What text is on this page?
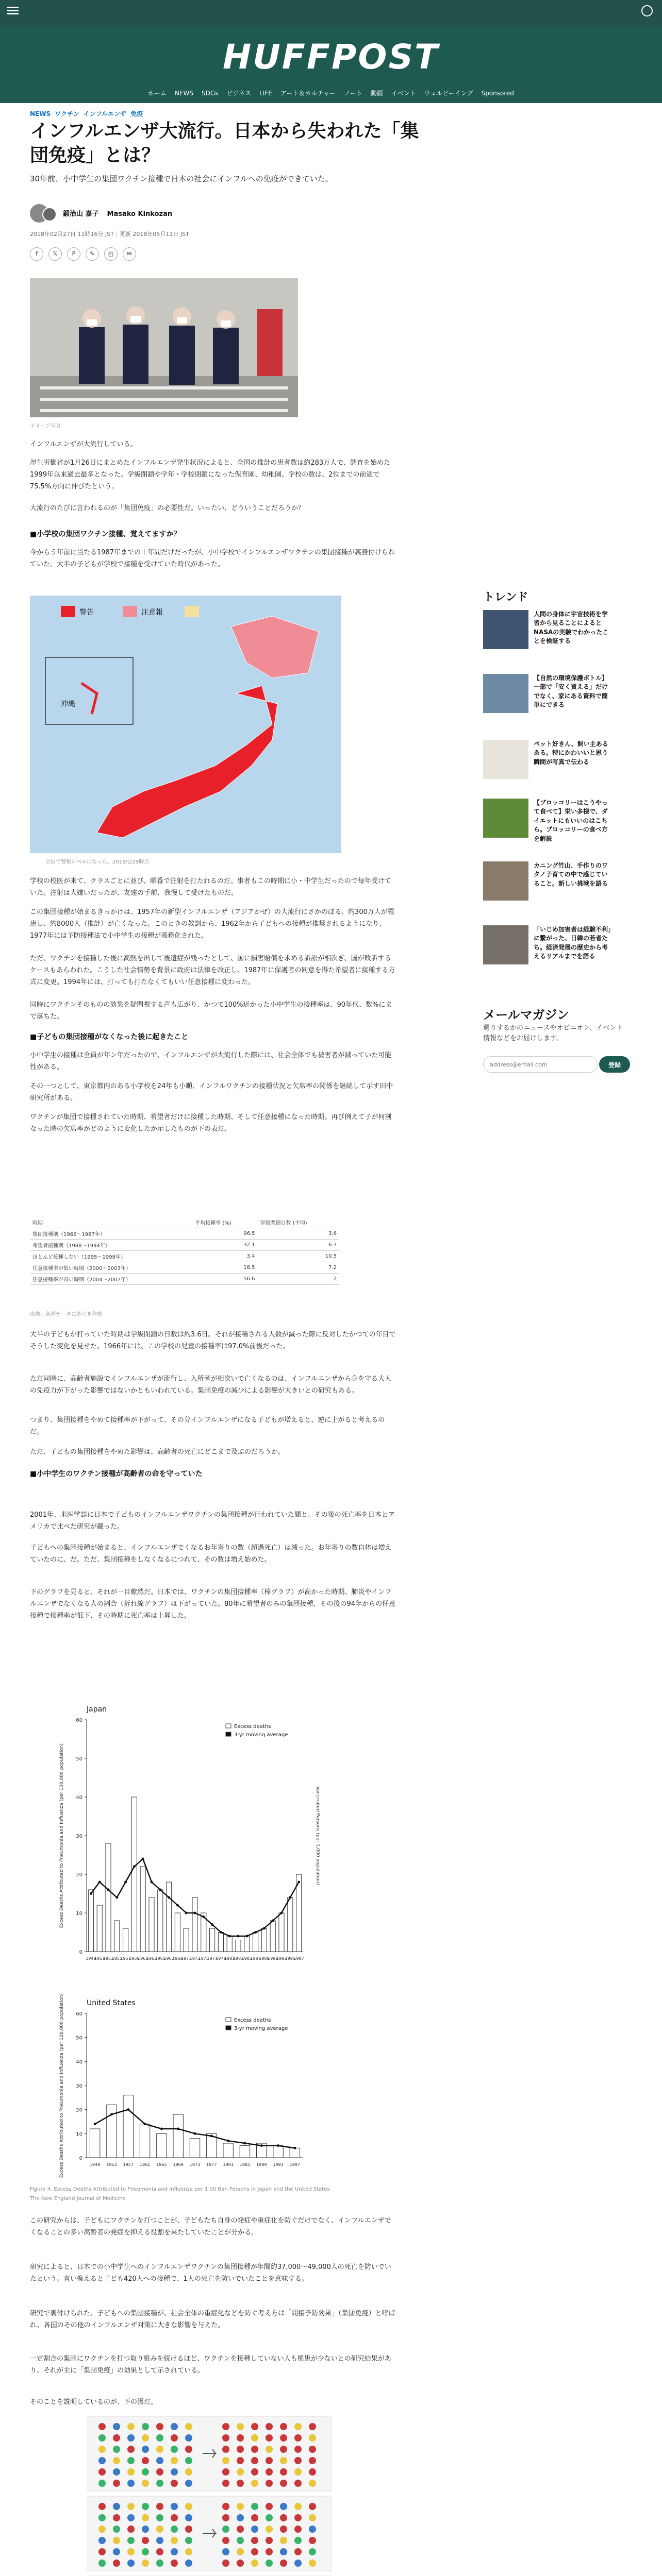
HUFFPOST
ホーム NEWS SDGs ビジネス LIFE アート＆カルチャー ノート 動画 イベント ウェルビーイング Sponsored
NEWS ワクチン インフルエンザ 免疫
インフルエンザ大流行。日本から失われた「集団免疫」とは？

30年前、小中学生の集団ワクチン接種で日本の社会にインフルへの免疫ができていた。

鍛治山 嘉子 Masako Kinkozan
2018年02月27日 11時16分 JST｜更新 2018年05月11日 JST
f	𝕏	P	✎ ◰ ✉
イメージ写真

インフルエンザが大流行している。

厚生労働省が1月26日にまとめたインフルエンザ発生状況によると、全国の推計の患者数は約283万人で、調査を始めた1999年以来過去最多となった。学級閉鎖や学年・学校閉鎖になった保育園、幼稚園、学校の数は、2位までの前週で75.5%方向に伸びたという。

大流行のたびに言われるのが「集団免疫」の必要性だ。いったい、どういうことだろうか？

■小学校の集団ワクチン接種、覚えてますか？

今からう年前に当たる1987年までの十年間だけだったが、小中学校でインフルエンザワクチンの集団接種が義務付けられていた。大半の子どもが学校で接種を受けていた時代があった。

警告	注意報
沖縄
全国で警報レベルになった。2018/1/29時点

学校の校医が来て、クラスごとに並び、順番で注射を打たれるのだ。事者もこの時期に小・中学生だったので毎年受けていた。注射は大嫌いだったが、友達の手前、我慢して受けたものだ。

この集団接種が始まるきっかけは、1957年の新型インフルエンザ（アジアかぜ）の大流行にさかのぼる。約300万人が罹患し、約8000人（推計）が亡くなった。このときの教訓から、1962年から子どもへの接種が推奨されるようになり、1977年には予防接種法で小中学生の接種が義務化された。

ただ、ワクチンを接種した後に高熱を出して後遺症が残ったとして、国に損害賠償を求める訴訟が相次ぎ、国が敗訴するケースもあらわれた。こうした社会情勢を背景に政府は法律を改正し、1987年に保護者の同意を得た希望者に接種する方式に変更。1994年には、打っても打たなくてもいい任意接種に変わった。

同時にワクチンそのものの効果を疑問視する声も広がり、かつて100%近かった小中学生の接種率は、90年代、数%にまで落ちた。

■子どもの集団接種がなくなった後に起きたこと

小中学生の接種は全員が年ン年だったので、インフルエンザが大流行した際には、社会全体でも被害者が減っていた可能性がある。

その一つとして、東京都内のある小学校を24年も小順、インフルワクチンの接種状況と欠席率の関係を継続して示す田中研究所がある。

ワクチンが集団で接種されていた時期、希望者だけに接種した時期、そして任意接種になった時期。再び例えて子が何割なった時の欠席率がどのように変化したか示したものが下の表だ。

時期	平均接種率 (%)	学級閉鎖日数 (平均)
集団接種期（1966〜1987年）	96.5	3.6
希望者接種期（1988〜1994年）	32.1	6.3
ほとんど接種しない（1995〜1999年）	3.4	10.5
任意接種率が低い時期（2000〜2003年）	18.5	7.2
任意接種率が高い時期（2004〜2007年）	56.6	2
出典：各種データに基づき作成

大半の子どもが打っていた時期は学級閉鎖の日数は約3.6日。それが接種される人数が減った際に反対したかつての年目でそうした変化を見せた。1966年には、この学校の児童の接種率は97.0%前後だった。

ただ同時に、高齢者施設でインフルエンザが流行し、入所者が相次いで亡くなるのは、インフルエンザから身を守る大人の免疫力が下がった影響ではないかともいわれている。集団免疫の減少による影響が大きいとの研究もある。

つまり、集団接種をやめて接種率が下がって、その分インフルエンザになる子どもが増えると、逆に上がると考えるのだ。

ただ、子どもの集団接種をやめた影響は、高齢者の死亡にどこまで及ぶのだろうか。

■小中学生のワクチン接種が高齢者の命を守っていた

2001年、米医学誌に日本で子どものインフルエンザワクチンの集団接種が行われていた間と、その後の死亡率を日本とアメリカで比べた研究が載った。

子どもへの集団接種が始まると、インフルエンザでくなるお年寄りの数（超過死亡）は減った。お年寄りの数自体は増えていたのに、だ。ただ、集団接種をしなくなるにつれて、その数は増え始めた。

下のグラフを見ると、それが一目瞭然だ。日本では、ワクチンの集団接種率（棒グラフ）が高かった時期、肺炎やインフルエンザでなくなる人の割合（折れ線グラフ）は下がっていた。80年に希望者のみの集団接種、その後の94年からの任意接種で接種率が低下、その時期に死亡率は上昇した。

Japan
0
10
20
30
40
50
60
1949
1951
1953
1955
1957
1959
1961
1963
1965
1967
1969
1971
1973
1975
1977
1979
1981
1983
1985
1987
1989
1991
1993
1995
1997
Excess deaths
3-yr moving average
Excess Deaths Attributed to Pneumonia and Influenza (per 100,000 population)	Vaccinated Persons (per 1,000 population)
United States
0
10
20
30
40
50
60
1949 1953 1957 1961 1965 1969 1973 1977 1981 1985 1989 1993 1997
Excess deaths
3-yr moving average
Excess Deaths Attributed to Pneumonia and Influenza (per 100,000 population)
Figure 4. Excess Deaths Attributed to Pneumonia and Influenza per 1 00 Ban Persons in Japan and the United States
The New England Journal of Medicine

この研究からは、子どもにワクチンを打つことが、子どもたち自身の発症や重症化を防ぐだけでなく、インフルエンザでくなることの多い高齢者の発症を抑える役割を果たしていたことが分かる。

研究によると、日本での小中学生へのインフルエンザワクチンの集団接種が年間約37,000〜49,000人の死亡を防いでいたという。言い換えると子ども420人への接種で、1人の死亡を防いでいたことを意味する。

研究で裏付けられた、子どもへの集団接種が、社会全体の重症化などを防ぐ考え方は「間接予防効果」（集団免疫）と呼ばれ、各国のその他のインフルエンザ対策に大きな影響を与えた。

一定割合の集団にワクチンを打つ取り組みを続けるほど、ワクチンを接種していない人も罹患が少ないとの研究結果があり、それが主に「集団免疫」の効果として示されている。

そのことを説明しているのが、下の図だ。

トレンド
人間の身体に宇宙技術を学習から見ることによるとNASAの実験でわかったことを検証する
【自然の環境保護ボトル】一部で「安く買える」だけでなく、家にある資料で簡単にできる
ペット好きん、飼い主あるある。特にかわいいと思う瞬間が写真で伝わる
【ブロッコリーはこうやって食べて】栄い多様で、ダイエットにもいいのはこちら。ブロッコリーの食べ方を解説
カニング竹山、手作りのワタノ子育ての中で感じていること。新しい挑戦を語る
「いじめ加害者は経験不利」に繋がった、日韓の若者たち。経済発展の歴史から考えるリアルまでを語る
メールマガジン
週りするかのニュースやオピニオン、イベント情報などをお届けします。
address@email.com
登録
